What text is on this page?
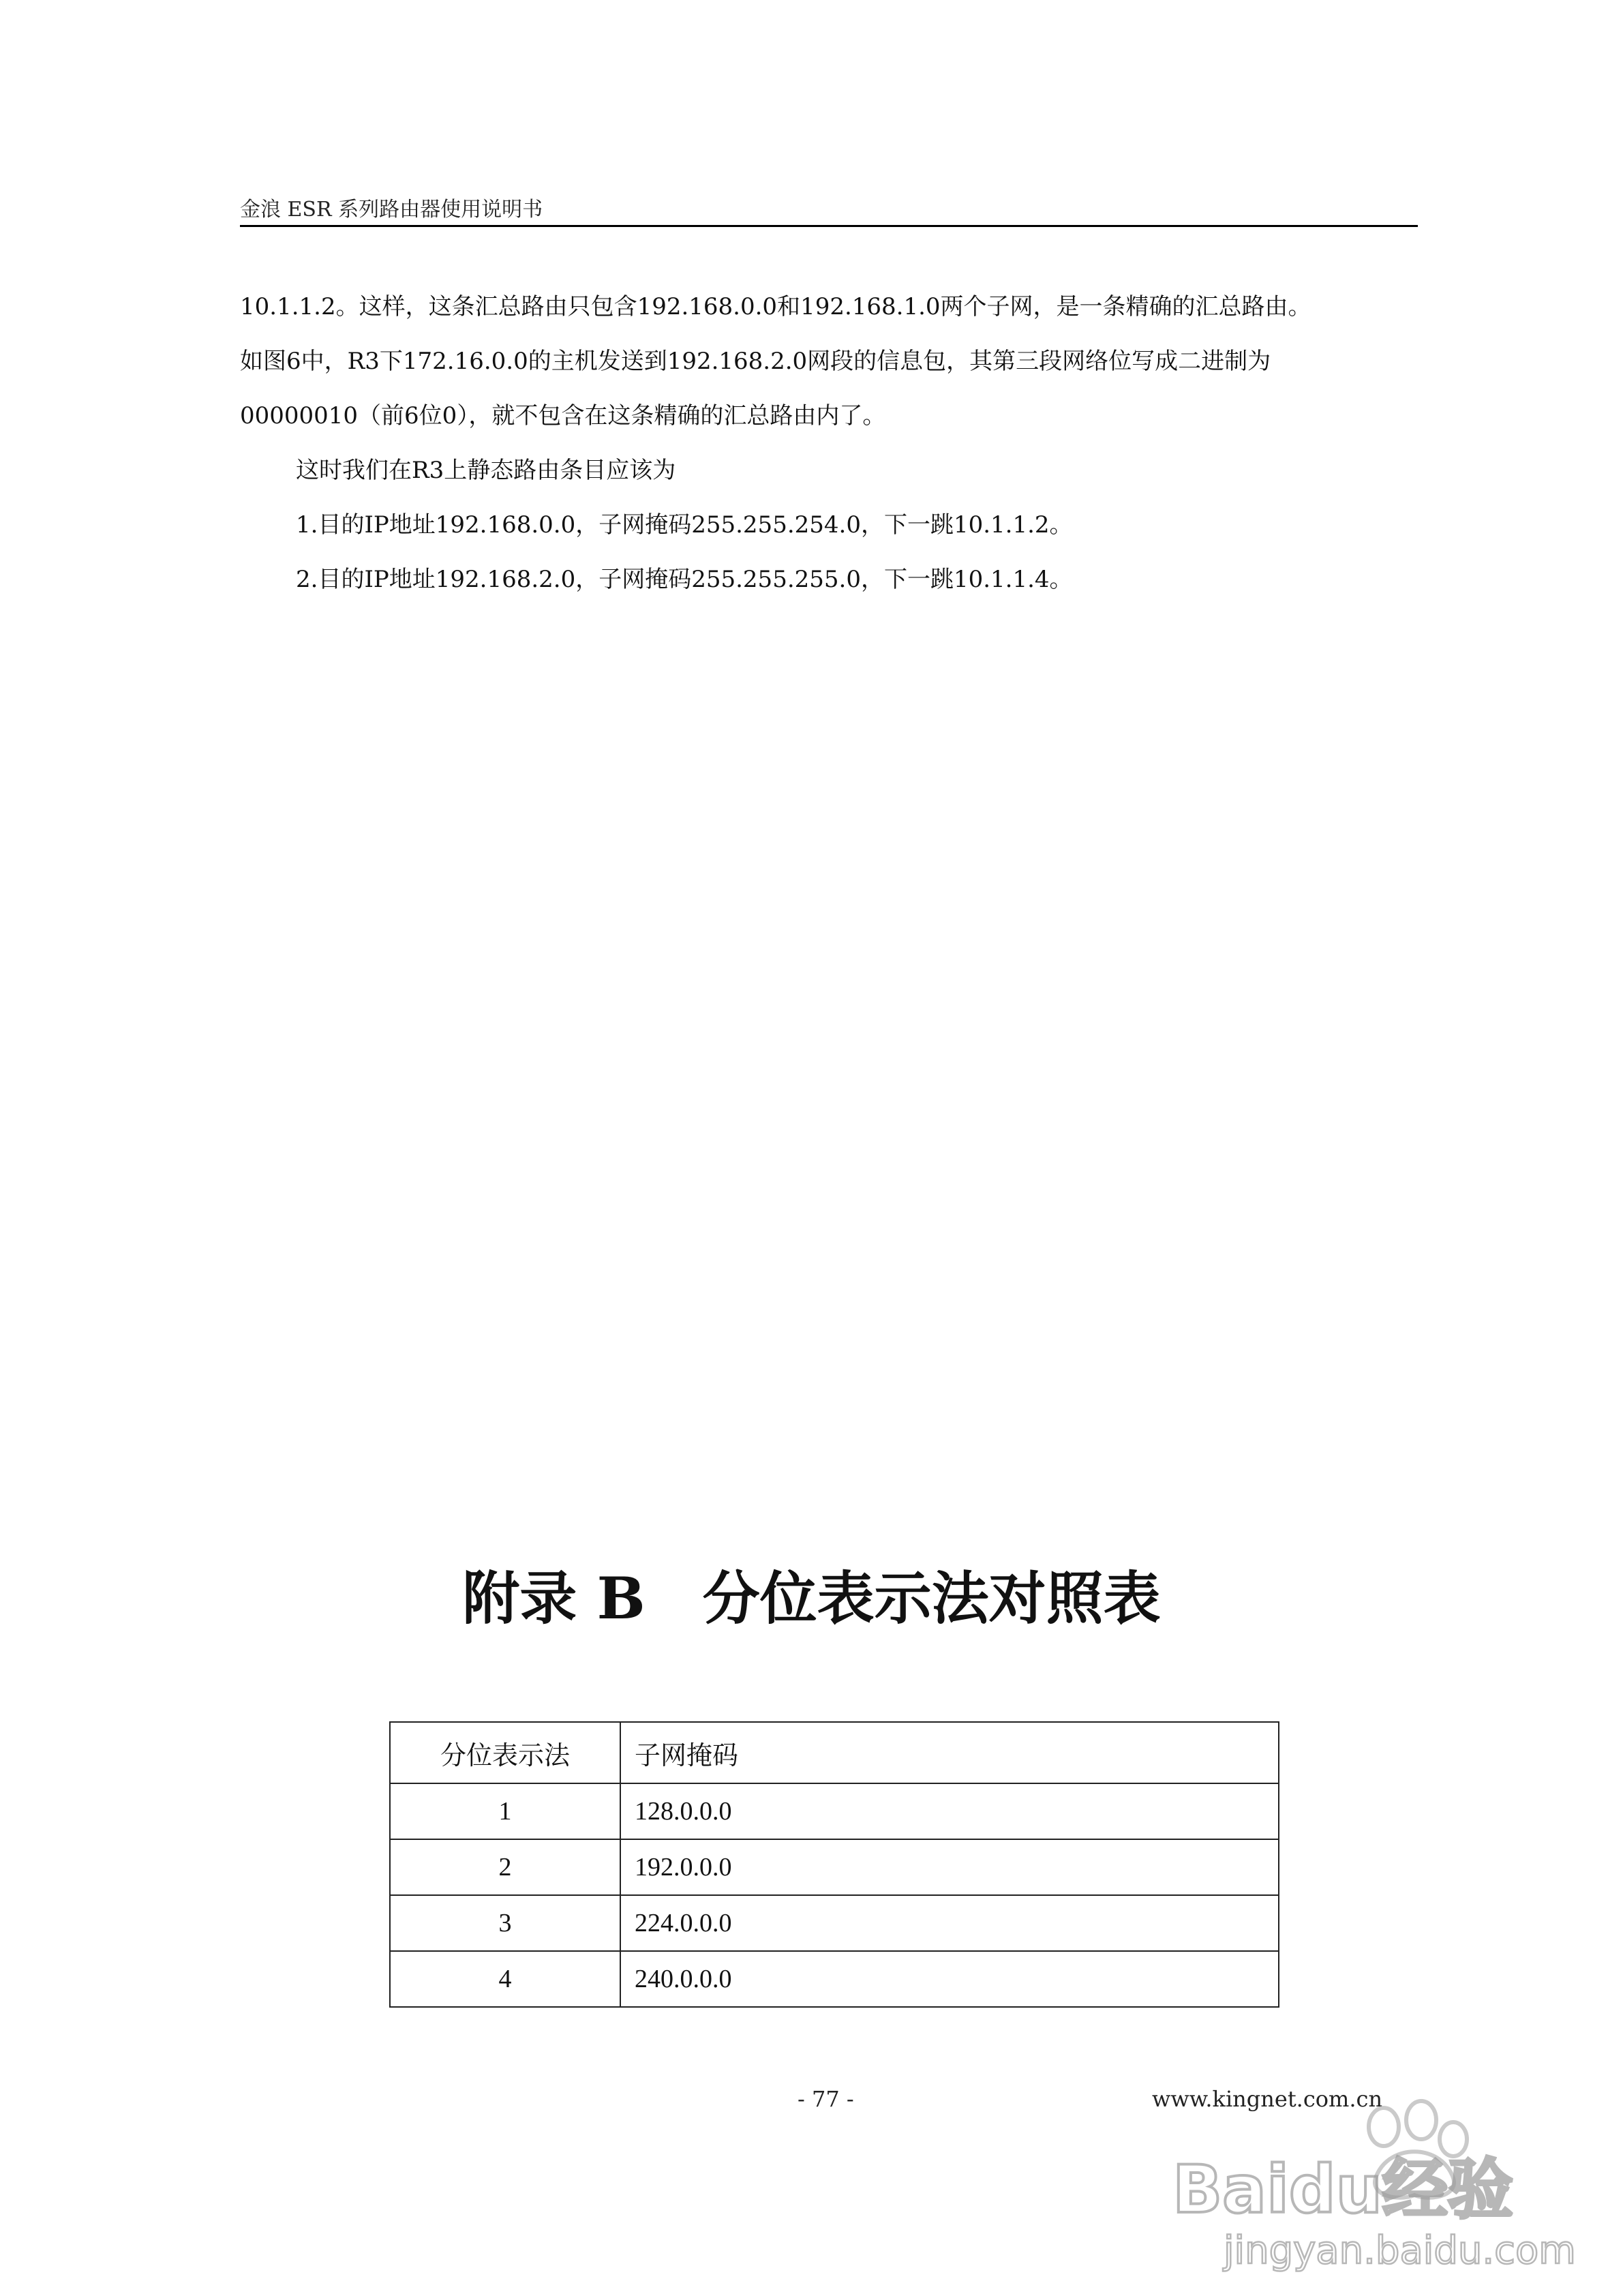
金浪 ESR 系列路由器使用说明书

10.1.1.2。这样，这条汇总路由只包含192.168.0.0和192.168.1.0两个子网，是一条精确的汇总路由。

如图6中，R3下172.16.0.0的主机发送到192.168.2.0网段的信息包，其第三段网络位写成二进制为

00000010（前6位0），就不包含在这条精确的汇总路由内了。

这时我们在R3上静态路由条目应该为

1.目的IP地址192.168.0.0，子网掩码255.255.254.0，下一跳10.1.1.2。

2.目的IP地址192.168.2.0，子网掩码255.255.255.0，下一跳10.1.1.4。

附录 B 分位表示法对照表
分位表示法	子网掩码
1	128.0.0.0
2	192.0.0.0
3	224.0.0.0
4	240.0.0.0
- 77 -	www.kingnet.com.cn
Baidu经验
jingyan.baidu.com
